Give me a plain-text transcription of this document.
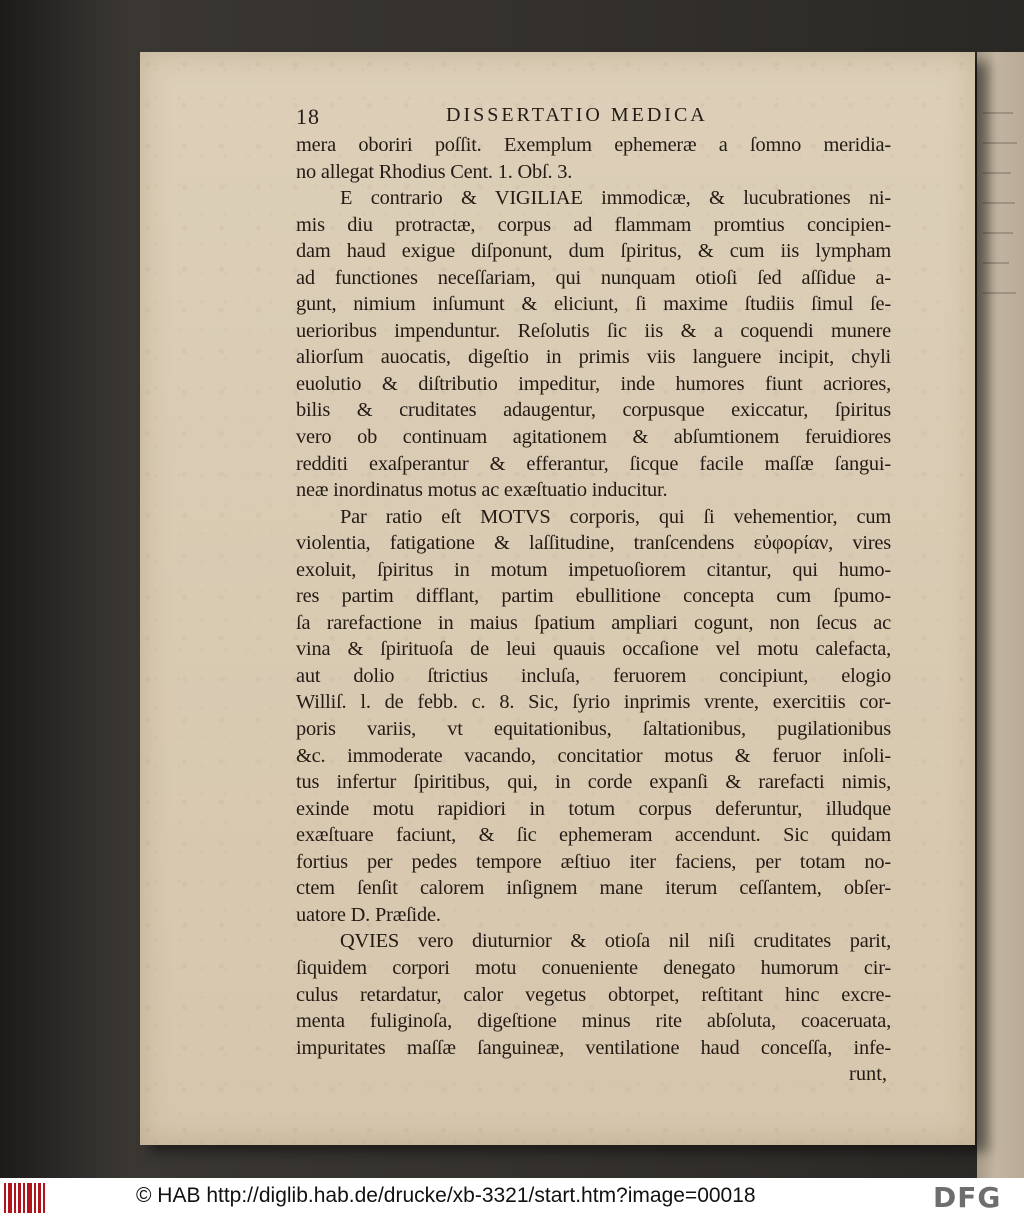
18	DISSERTATIO MEDICA
mera oboriri poſſit. Exemplum ephemeræ a ſomno meridia-
no allegat Rhodius Cent. 1. Obſ. 3.
E contrario & VIGILIAE immodicæ, & lucubrationes ni-
mis diu protractæ, corpus ad flammam promtius concipien-
dam haud exigue diſponunt, dum ſpiritus, & cum iis lympham
ad functiones neceſſariam, qui nunquam otioſi ſed aſſidue a-
gunt, nimium inſumunt & eliciunt, ſi maxime ſtudiis ſimul ſe-
uerioribus impenduntur. Reſolutis ſic iis & a coquendi munere
aliorſum auocatis, digeſtio in primis viis languere incipit, chyli
euolutio & diſtributio impeditur, inde humores fiunt acriores,
bilis & cruditates adaugentur, corpusque exiccatur, ſpiritus
vero ob continuam agitationem & abſumtionem feruidiores
redditi exaſperantur & efferantur, ſicque facile maſſæ ſangui-
neæ inordinatus motus ac exæſtuatio inducitur.
Par ratio eſt MOTVS corporis, qui ſi vehementior, cum
violentia, fatigatione & laſſitudine, tranſcendens εὐφορίαν, vires
exoluit, ſpiritus in motum impetuoſiorem citantur, qui humo-
res partim difflant, partim ebullitione concepta cum ſpumo-
ſa rarefactione in maius ſpatium ampliari cogunt, non ſecus ac
vina & ſpirituoſa de leui quauis occaſione vel motu calefacta,
aut dolio ſtrictius incluſa, feruorem concipiunt, elogio
Williſ. l. de febb. c. 8. Sic, ſyrio inprimis vrente, exercitiis cor-
poris variis, vt equitationibus, ſaltationibus, pugilationibus
&c. immoderate vacando, concitatior motus & feruor inſoli-
tus infertur ſpiritibus, qui, in corde expanſi & rarefacti nimis,
exinde motu rapidiori in totum corpus deferuntur, illudque
exæſtuare faciunt, & ſic ephemeram accendunt. Sic quidam
fortius per pedes tempore æſtiuo iter faciens, per totam no-
ctem ſenſit calorem inſignem mane iterum ceſſantem, obſer-
uatore D. Præſide.
QVIES vero diuturnior & otioſa nil niſi cruditates parit,
ſiquidem corpori motu conueniente denegato humorum cir-
culus retardatur, calor vegetus obtorpet, reſtitant hinc excre-
menta fuliginoſa, digeſtione minus rite abſoluta, coaceruata,
impuritates maſſæ ſanguineæ, ventilatione haud conceſſa, infe-
runt,
© HAB http://diglib.hab.de/drucke/xb-3321/start.htm?image=00018	DFG
